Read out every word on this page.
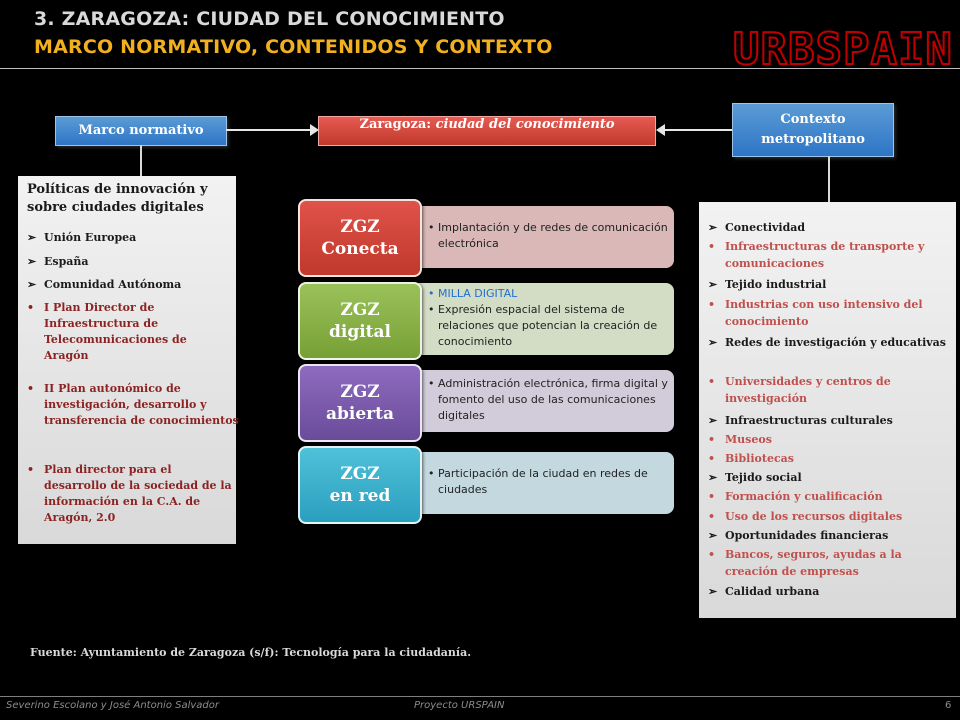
3. ZARAGOZA: CIUDAD DEL CONOCIMIENTO
MARCO NORMATIVO, CONTENIDOS Y CONTEXTO	URBSPAIN
Marco normativo	Zaragoza: ciudad del conocimiento	Contexto
metropolitano
Políticas de innovación y sobre ciudades digitales
➢ Unión Europea
➢ España
➢ Comunidad Autónoma
• I Plan Director de Infraestructura de Telecomunicaciones de Aragón
• II Plan autonómico de investigación, desarrollo y transferencia de conocimientos
• Plan director para el desarrollo de la sociedad de la información en la C.A. de Aragón, 2.0
• Implantación y de redes de comunicación electrónica
• MILLA DIGITAL
• Expresión espacial del sistema de relaciones que potencian la creación de conocimiento
• Administración electrónica, firma digital y fomento del uso de las comunicaciones digitales
• Participación de la ciudad en redes de ciudades
ZGZ
Conecta
ZGZ
digital
ZGZ
abierta
ZGZ
en red
➢ Conectividad
• Infraestructuras de transporte y comunicaciones
➢ Tejido industrial
• Industrias con uso intensivo del conocimiento
➢ Redes de investigación y educativas
• Universidades y centros de investigación
➢ Infraestructuras culturales
• Museos
• Bibliotecas
➢ Tejido social
• Formación y cualificación
• Uso de los recursos digitales
➢ Oportunidades financieras
• Bancos, seguros, ayudas a la creación de empresas
➢ Calidad urbana
Fuente: Ayuntamiento de Zaragoza (s/f): Tecnología para la ciudadanía.
Severino Escolano y José Antonio Salvador	Proyecto URSPAIN	6
